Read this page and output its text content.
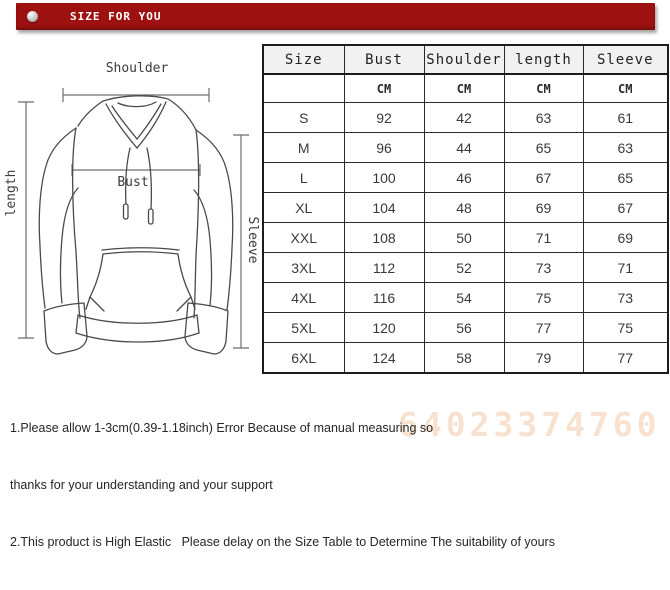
64023374760
SIZE FOR YOU
Shoulder
length	Bust
Sleeve
Size	Bust	Shoulder	length	Sleeve
	CM	CM	CM	CM
S	92	42	63	61
M	96	44	65	63
L	100	46	67	65
XL	104	48	69	67
XXL	108	50	71	69
3XL	112	52	73	71
4XL	116	54	75	73
5XL	120	56	77	75
6XL	124	58	79	77

1.Please allow 1-3cm(0.39-1.18inch) Error Because of manual measuring so

thanks for your understanding and your support

2.This product is High Elastic   Please delay on the Size Table to Determine The suitability of yours
